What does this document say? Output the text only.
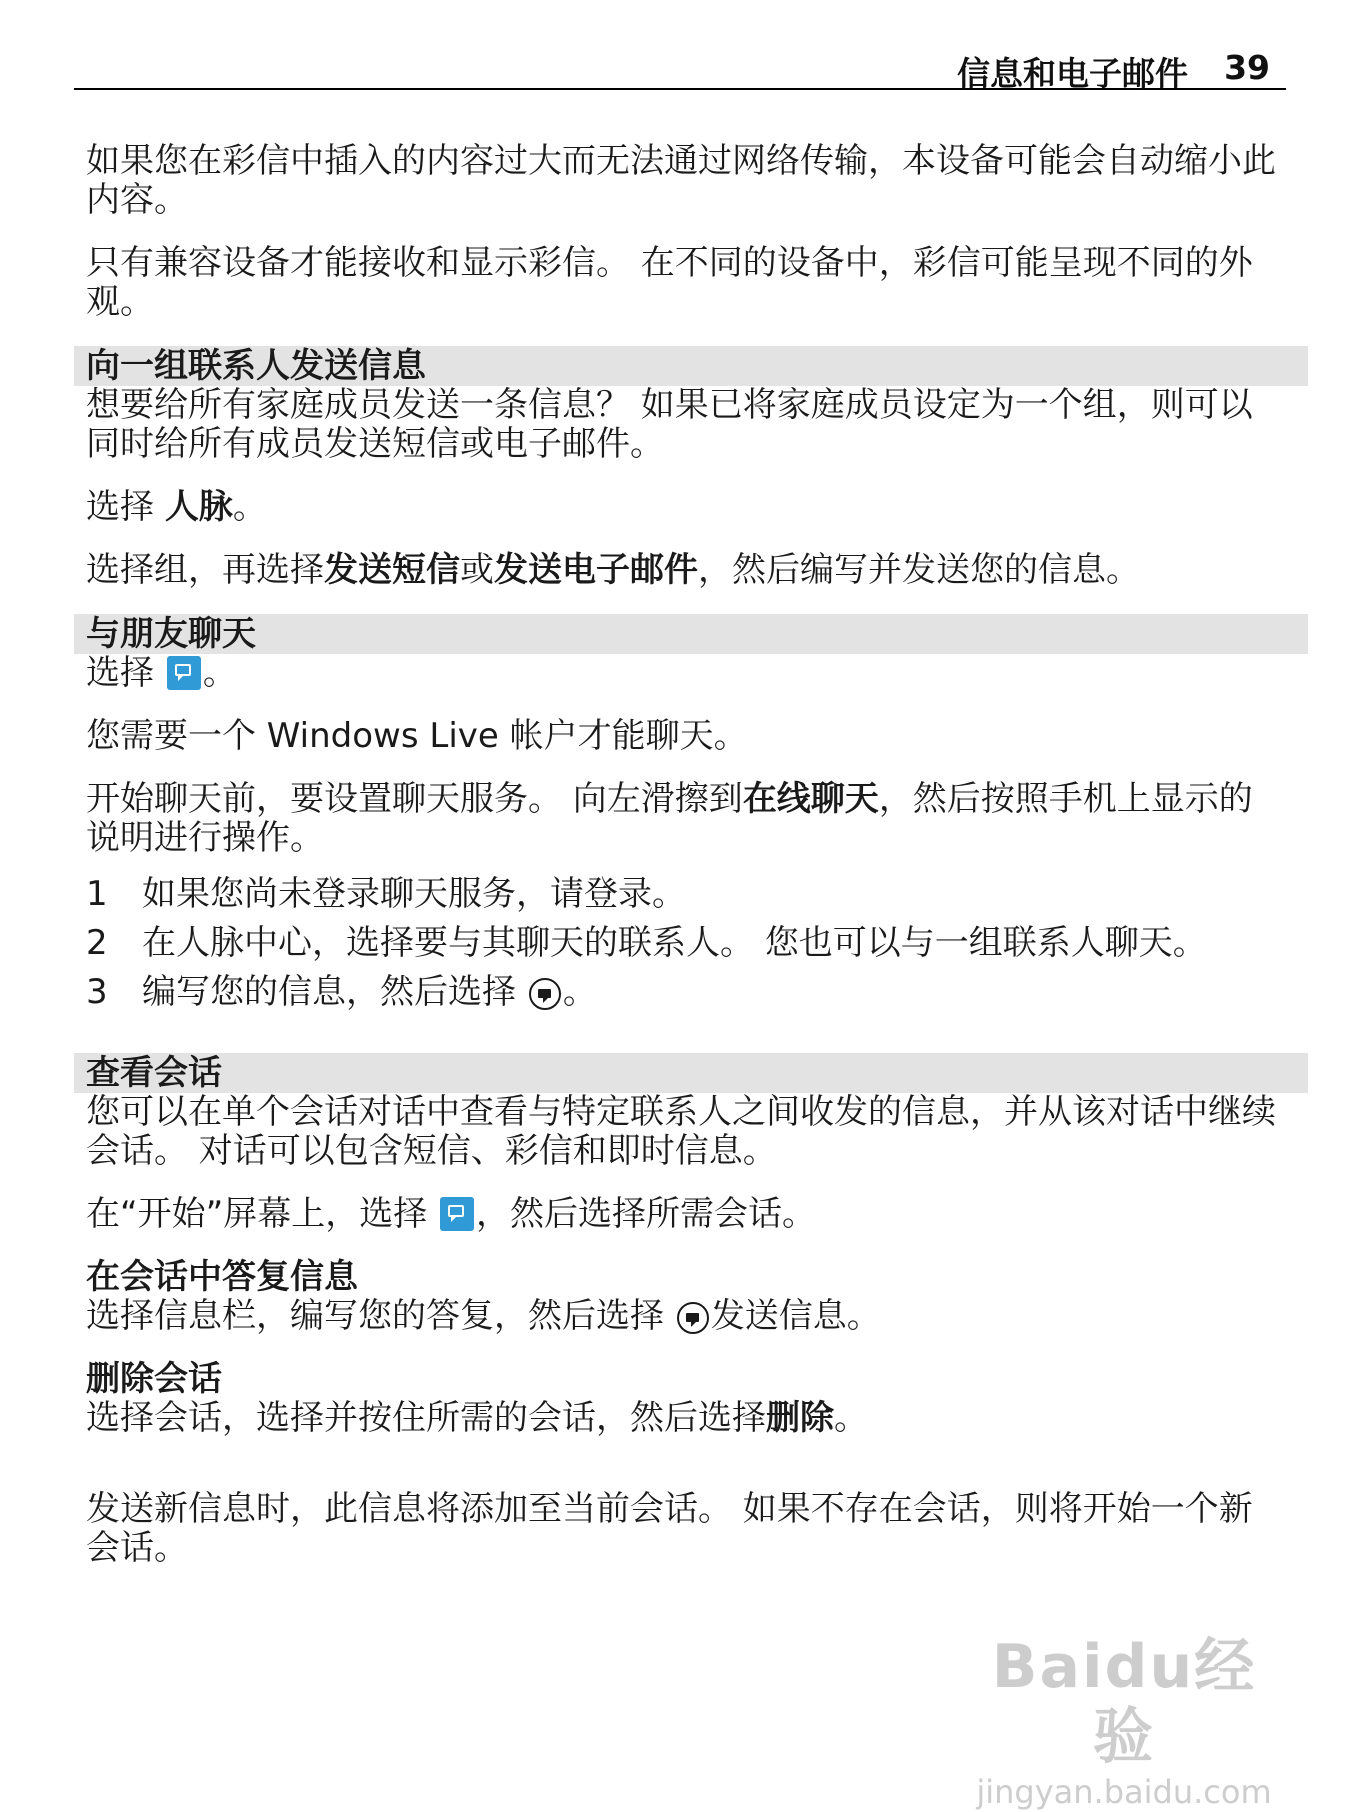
信息和电子邮件 39

如果您在彩信中插入的内容过大而无法通过网络传输，本设备可能会自动缩小此内容。

只有兼容设备才能接收和显示彩信。 在不同的设备中，彩信可能呈现不同的外观。

向一组联系人发送信息

想要给所有家庭成员发送一条信息？ 如果已将家庭成员设定为一个组，则可以同时给所有成员发送短信或电子邮件。

选择 人脉。

选择组，再选择发送短信或发送电子邮件，然后编写并发送您的信息。

与朋友聊天

选择 。

您需要一个 Windows Live 帐户才能聊天。

开始聊天前，要设置聊天服务。 向左滑擦到在线聊天，然后按照手机上显示的说明进行操作。

1 如果您尚未登录聊天服务，请登录。
2 在人脉中心，选择要与其聊天的联系人。 您也可以与一组联系人聊天。
3 编写您的信息，然后选择 。
查看会话

您可以在单个会话对话中查看与特定联系人之间收发的信息，并从该对话中继续会话。 对话可以包含短信、彩信和即时信息。

在“开始”屏幕上，选择 ，然后选择所需会话。

在会话中答复信息

选择信息栏，编写您的答复，然后选择 发送信息。

删除会话

选择会话，选择并按住所需的会话，然后选择删除。

发送新信息时，此信息将添加至当前会话。 如果不存在会话，则将开始一个新会话。

Baidu经验
jingyan.baidu.com
